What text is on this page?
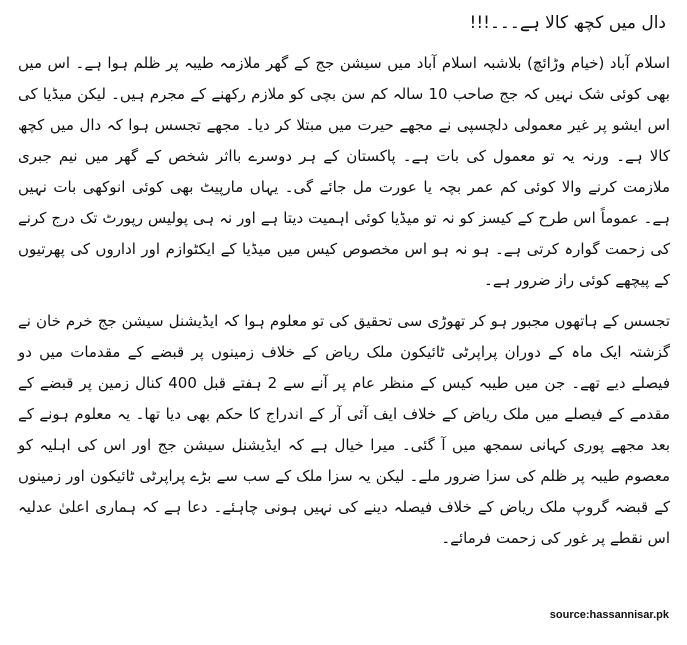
دال میں کچھ کالا ہے۔۔۔!!!

اسلام آباد (خیام وڑائچ) بلاشبہ اسلام آباد میں سیشن جج کے گھر ملازمہ طیبہ پر ظلم ہوا ہے۔ اس میں بھی کوئی شک نہیں کہ جج صاحب 10 سالہ کم سن بچی کو ملازم رکھنے کے مجرم ہیں۔ لیکن میڈیا کی اس ایشو پر غیر معمولی دلچسپی نے مجھے حیرت میں مبتلا کر دیا۔ مجھے تجسس ہوا کہ دال میں کچھ کالا ہے۔ ورنہ یہ تو معمول کی بات ہے۔ پاکستان کے ہر دوسرے بااثر شخص کے گھر میں نیم جبری ملازمت کرنے والا کوئی کم عمر بچہ یا عورت مل جائے گی۔ یہاں مارپیٹ بھی کوئی انوکھی بات نہیں ہے۔ عموماً اس طرح کے کیسز کو نہ تو میڈیا کوئی اہمیت دیتا ہے اور نہ ہی پولیس رپورٹ تک درج کرنے کی زحمت گوارہ کرتی ہے۔ ہو نہ ہو اس مخصوص کیس میں میڈیا کے ایکٹوازم اور اداروں کی پھرتیوں کے پیچھے کوئی راز ضرور ہے۔

تجسس کے ہاتھوں مجبور ہو کر تھوڑی سی تحقیق کی تو معلوم ہوا کہ ایڈیشنل سیشن جج خرم خان نے گزشتہ ایک ماہ کے دوران پراپرٹی ٹائیکون ملک ریاض کے خلاف زمینوں پر قبضے کے مقدمات میں دو فیصلے دیے تھے۔ جن میں طیبہ کیس کے منظر عام پر آنے سے 2 ہفتے قبل 400 کنال زمین پر قبضے کے مقدمے کے فیصلے میں ملک ریاض کے خلاف ایف آئی آر کے اندراج کا حکم بھی دیا تھا۔ یہ معلوم ہونے کے بعد مجھے پوری کہانی سمجھ میں آ گئی۔ میرا خیال ہے کہ ایڈیشنل سیشن جج اور اس کی اہلیہ کو معصوم طیبہ پر ظلم کی سزا ضرور ملے۔ لیکن یہ سزا ملک کے سب سے بڑے پراپرٹی ٹائیکون اور زمینوں کے قبضہ گروپ ملک ریاض کے خلاف فیصلہ دینے کی نہیں ہونی چاہئے۔ دعا ہے کہ ہماری اعلیٰ عدلیہ اس نقطے پر غور کی زحمت فرمائے۔

source:hassannisar.pk
